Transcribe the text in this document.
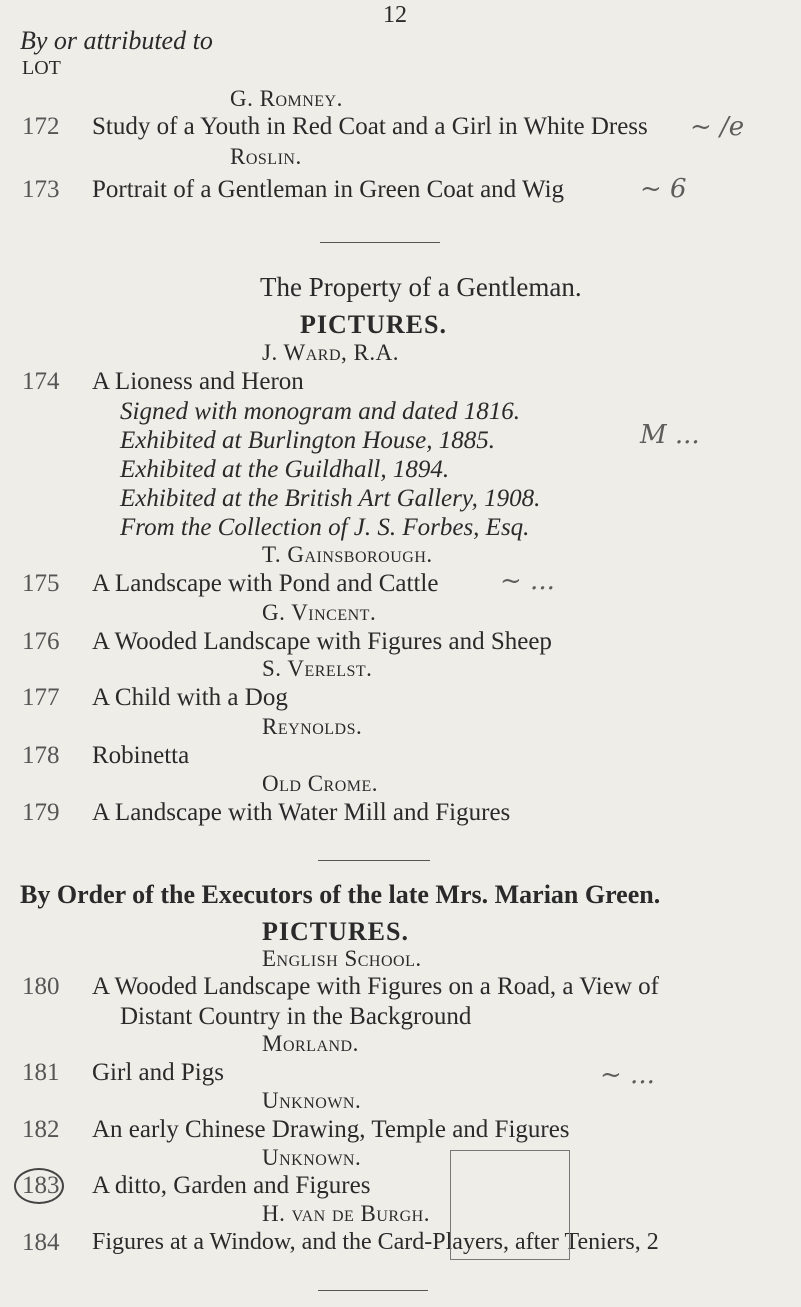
12
By or attributed to
LOT
G. Romney.
172 Study of a Youth in Red Coat and a Girl in White Dress
Roslin.
173 Portrait of a Gentleman in Green Coat and Wig
The Property of a Gentleman.
PICTURES.
J. Ward, R.A.
174 A Lioness and Heron
Signed with monogram and dated 1816.
Exhibited at Burlington House, 1885.
Exhibited at the Guildhall, 1894.
Exhibited at the British Art Gallery, 1908.
From the Collection of J. S. Forbes, Esq.
T. Gainsborough.
175 A Landscape with Pond and Cattle
G. Vincent.
176 A Wooded Landscape with Figures and Sheep
S. Verelst.
177 A Child with a Dog
Reynolds.
178 Robinetta
Old Crome.
179 A Landscape with Water Mill and Figures
By Order of the Executors of the late Mrs. Marian Green.
PICTURES.
English School.
180 A Wooded Landscape with Figures on a Road, a View of
Distant Country in the Background
Morland.
181 Girl and Pigs
Unknown.
182 An early Chinese Drawing, Temple and Figures
Unknown.
183 A ditto, Garden and Figures
H. van de Burgh.
184 Figures at a Window, and the Card-Players, after Teniers, 2
~ /e
~ 6
M ...
~ ...
~ ...
